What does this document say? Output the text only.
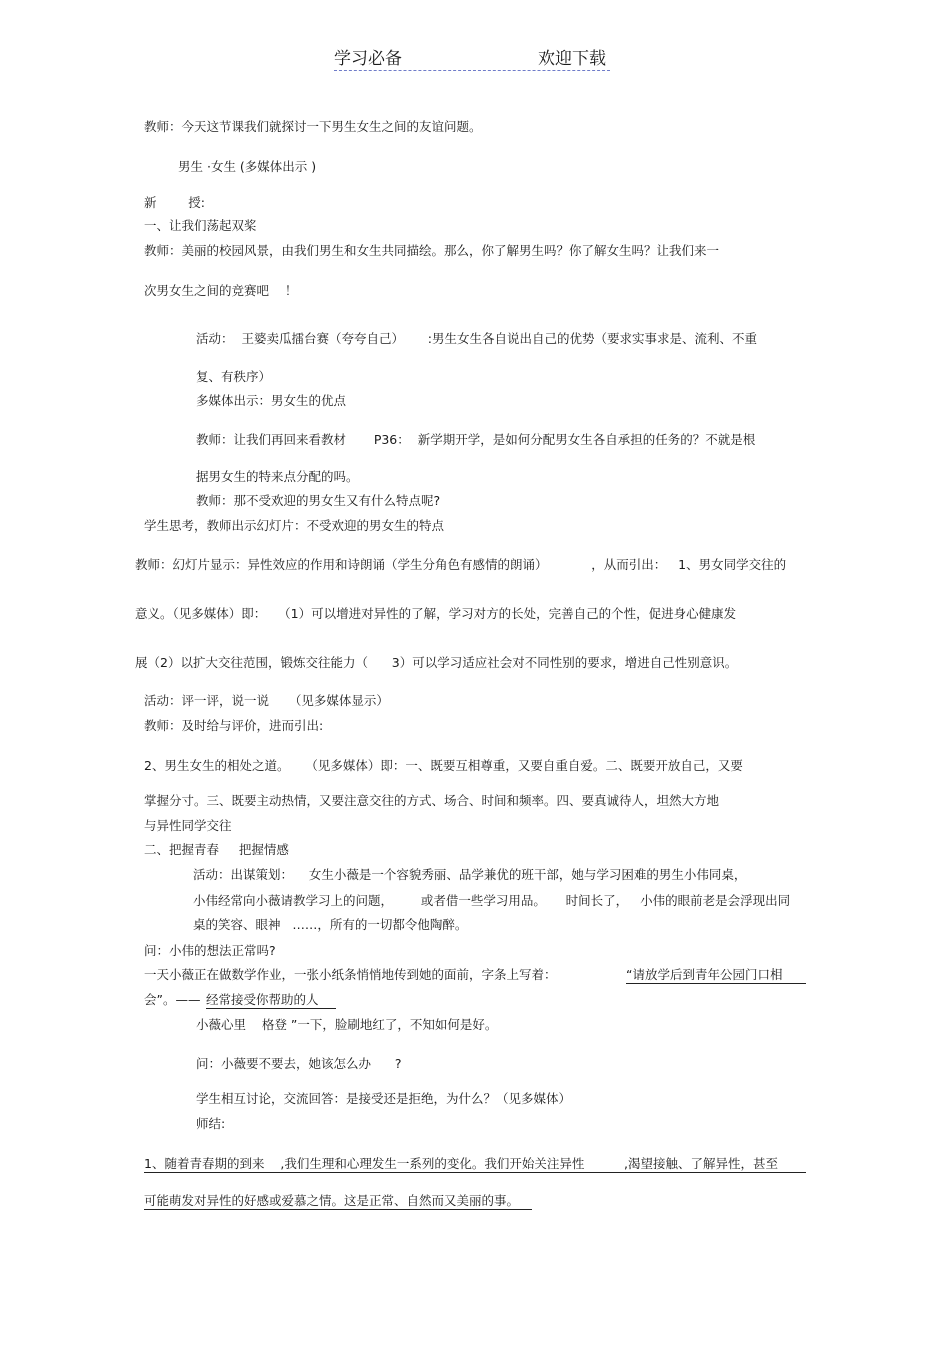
学习必备	欢迎下载
教师：今天这节课我们就探讨一下男生女生之间的友谊问题。
男生 ·女生 (多媒体出示 )
新        授:
一、让我们荡起双桨
教师：美丽的校园风景，由我们男生和女生共同描绘。那么，你了解男生吗？你了解女生吗？让我们来一
次男女生之间的竞赛吧    ！
活动：  王婆卖瓜擂台赛（夸夸自己）      :男生女生各自说出自己的优势（要求实事求是、流利、不重
复、有秩序）
多媒体出示：男女生的优点
教师：让我们再回来看教材       P36：  新学期开学，是如何分配男女生各自承担的任务的？不就是根
据男女生的特来点分配的吗。
教师：那不受欢迎的男女生又有什么特点呢?
学生思考，教师出示幻灯片：不受欢迎的男女生的特点
教师：幻灯片显示：异性效应的作用和诗朗诵（学生分角色有感情的朗诵）           ，从而引出：   1、男女同学交往的
意义。（见多媒体）即：   （1）可以增进对异性的了解，学习对方的长处，完善自己的个性，促进身心健康发
展（2）以扩大交往范围，锻炼交往能力（      3）可以学习适应社会对不同性别的要求，增进自己性别意识。
活动：评一评，说一说     （见多媒体显示）
教师：及时给与评价，进而引出:
2、男生女生的相处之道。    （见多媒体）即：一、既要互相尊重，又要自重自爱。二、既要开放自己，又要
掌握分寸。三、既要主动热情，又要注意交往的方式、场合、时间和频率。四、要真诚待人，坦然大方地
与异性同学交往
二、把握青春     把握情感
活动：出谋策划：    女生小薇是一个容貌秀丽、品学兼优的班干部，她与学习困难的男生小伟同桌，
小伟经常向小薇请教学习上的问题，       或者借一些学习用品。     时间长了，   小伟的眼前老是会浮现出同
桌的笑容、眼神   ……，所有的一切都令他陶醉。
问：小伟的想法正常吗?
一天小薇正在做数学作业，一张小纸条悄悄地传到她的面前，字条上写着：	“请放学后到青年公园门口相
会”。—— 经常接受你帮助的人
小薇心里    格登 ”一下，脸刷地红了，不知如何是好。
问：小薇要不要去，她该怎么办      ?
学生相互讨论，交流回答：是接受还是拒绝，为什么？（见多媒体）
师结:
1、随着青春期的到来    ,我们生理和心理发生一系列的变化。我们开始关注异性          ,渴望接触、了解异性，甚至
可能萌发对异性的好感或爱慕之情。这是正常、自然而又美丽的事。
